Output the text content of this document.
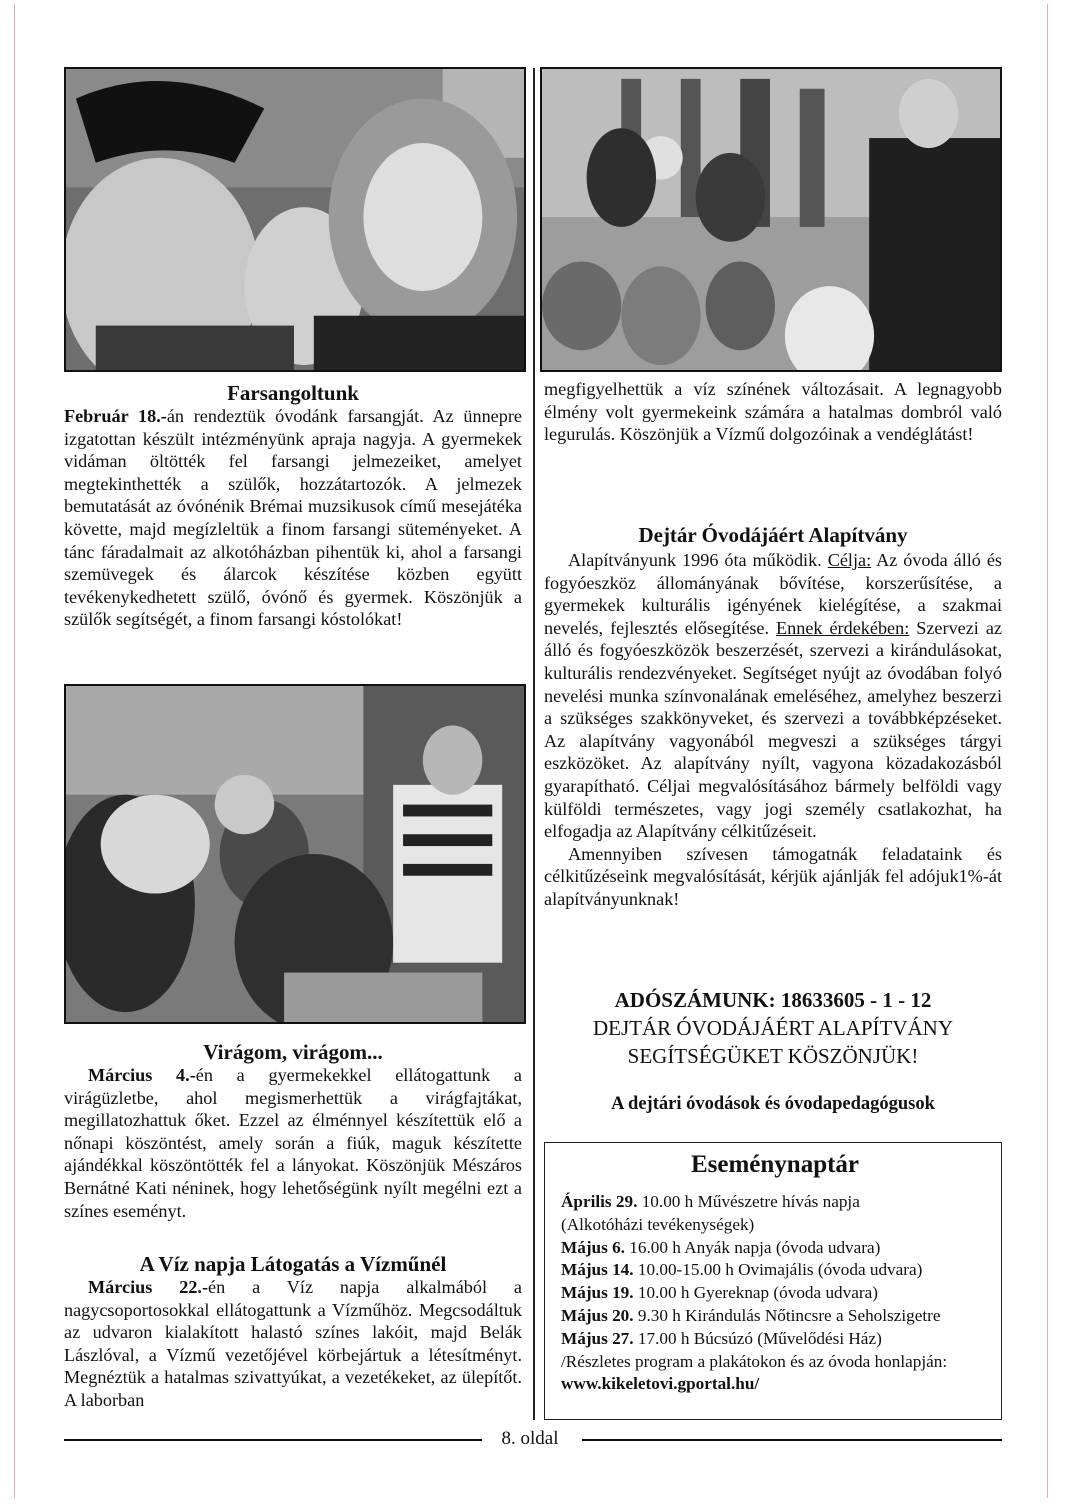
Farsangoltunk

Február 18.-án rendeztük óvodánk farsangját. Az ünnepre izgatottan készült intézményünk apraja nagyja. A gyermekek vidáman öltötték fel farsangi jelmezeiket, amelyet megtekinthették a szülők, hozzátartozók. A jelmezek bemutatását az óvónénik Brémai muzsikusok című mesejátéka követte, majd megízleltük a finom farsangi süteményeket. A tánc fáradalmait az alkotóházban pihentük ki, ahol a farsangi szemüvegek és álarcok készítése közben együtt tevékenykedhetett szülő, óvónő és gyermek. Köszönjük a szülők segítségét, a finom farsangi kóstolókat!

Virágom, virágom...

Március 4.-én a gyermekekkel ellátogattunk a virágüzletbe, ahol megismerhettük a virágfajtákat, megillatozhattuk őket. Ezzel az élménnyel készítettük elő a nőnapi köszöntést, amely során a fiúk, maguk készítette ajándékkal köszöntötték fel a lányokat. Köszönjük Mészáros Bernátné Kati néninek, hogy lehetőségünk nyílt megélni ezt a színes eseményt.

A Víz napja Látogatás a Vízműnél

Március 22.-én a Víz napja alkalmából a nagycsoportosokkal ellátogattunk a Vízműhöz. Megcsodáltuk az udvaron kialakított halastó színes lakóit, majd Belák Lászlóval, a Vízmű vezetőjével körbejártuk a létesítményt. Megnéztük a hatalmas szivattyúkat, a vezetékeket, az ülepítőt. A laborban

megfigyelhettük a víz színének változásait. A legnagyobb élmény volt gyermekeink számára a hatalmas dombról való legurulás. Köszönjük a Vízmű dolgozóinak a vendéglátást!

Dejtár Óvodájáért Alapítvány

Alapítványunk 1996 óta működik. Célja: Az óvoda álló és fogyóeszköz állományának bővítése, korszerűsítése, a gyermekek kulturális igényének kielégítése, a szakmai nevelés, fejlesztés elősegítése. Ennek érdekében: Szervezi az álló és fogyóeszközök beszerzését, szervezi a kirándulásokat, kulturális rendezvényeket. Segítséget nyújt az óvodában folyó nevelési munka színvonalának emeléséhez, amelyhez beszerzi a szükséges szakkönyveket, és szervezi a továbbképzéseket. Az alapítvány vagyonából megveszi a szükséges tárgyi eszközöket. Az alapítvány nyílt, vagyona közadakozásból gyarapítható. Céljai megvalósításához bármely belföldi vagy külföldi természetes, vagy jogi személy csatlakozhat, ha elfogadja az Alapítvány célkitűzéseit.

Amennyiben szívesen támogatnák feladataink és célkitűzéseink megvalósítását, kérjük ajánlják fel adójuk1%-át alapítványunknak!

ADÓSZÁMUNK: 18633605 - 1 - 12
DEJTÁR ÓVODÁJÁÉRT ALAPÍTVÁNY
SEGÍTSÉGÜKET KÖSZÖNJÜK!
A dejtári óvodások és óvodapedagógusok
Eseménynaptár
Április 29. 10.00 h Művészetre hívás napja
(Alkotóházi tevékenységek)
Május 6. 16.00 h Anyák napja (óvoda udvara)
Május 14. 10.00-15.00 h Ovimajális (óvoda udvara)
Május 19. 10.00 h Gyereknap (óvoda udvara)
Május 20. 9.30 h Kirándulás Nőtincsre a Seholszigetre
Május 27. 17.00 h Búcsúzó (Művelődési Ház)
/Részletes program a plakátokon és az óvoda honlapján:
www.kikeletovi.gportal.hu/
8. oldal
